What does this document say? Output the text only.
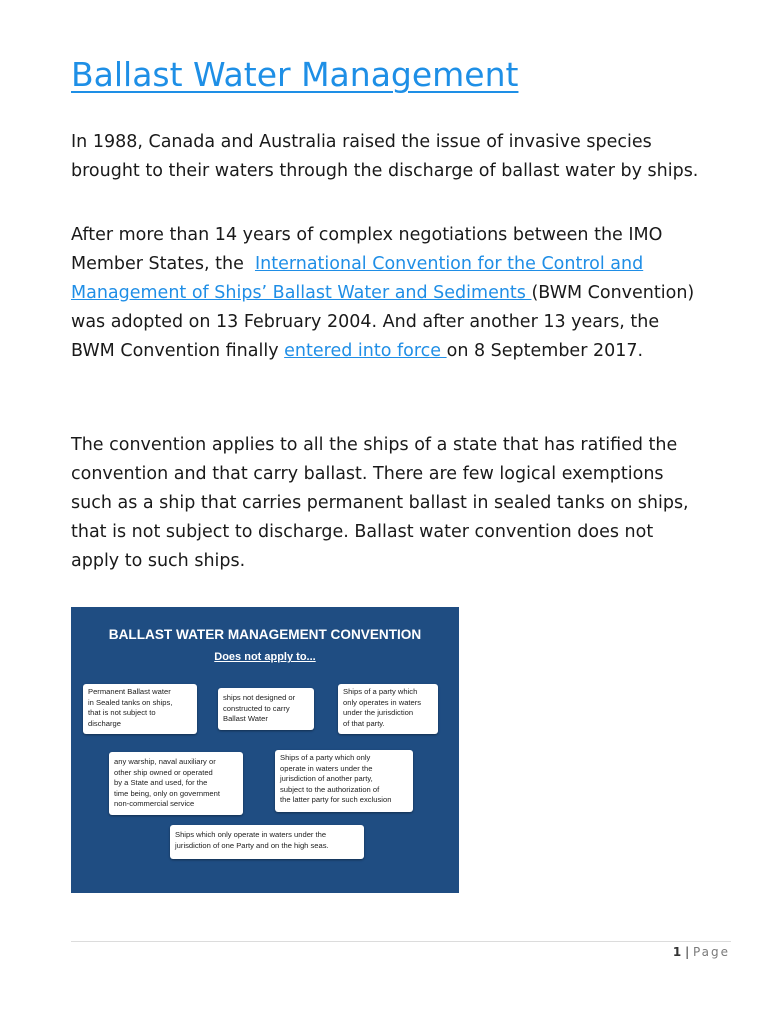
Ballast Water Management

In 1988, Canada and Australia raised the issue of invasive species
brought to their waters through the discharge of ballast water by ships.

After more than 14 years of complex negotiations between the IMO
Member States, the  International Convention for the Control and
Management of Ships’ Ballast Water and Sediments (BWM Convention)
was adopted on 13 February 2004. And after another 13 years, the
BWM Convention finally entered into force on 8 September 2017.

The convention applies to all the ships of a state that has ratified the
convention and that carry ballast. There are few logical exemptions
such as a ship that carries permanent ballast in sealed tanks on ships,
that is not subject to discharge. Ballast water convention does not
apply to such ships.

BALLAST WATER MANAGEMENT CONVENTION
Does not apply to...
Permanent Ballast water
in Sealed tanks on ships,
that is not subject to
discharge
ships not designed or
constructed to carry
Ballast Water
Ships of a party which
only operates in waters
under the jurisdiction
of that party.
any warship, naval auxiliary or
other ship owned or operated
by a State and used, for the
time being, only on government
non-commercial service
Ships of a party which only
operate in waters under the
jurisdiction of another party,
subject to the authorization of
the latter party for such exclusion
Ships which only operate in waters under the
jurisdiction of one Party and on the high seas.
1 | Page
